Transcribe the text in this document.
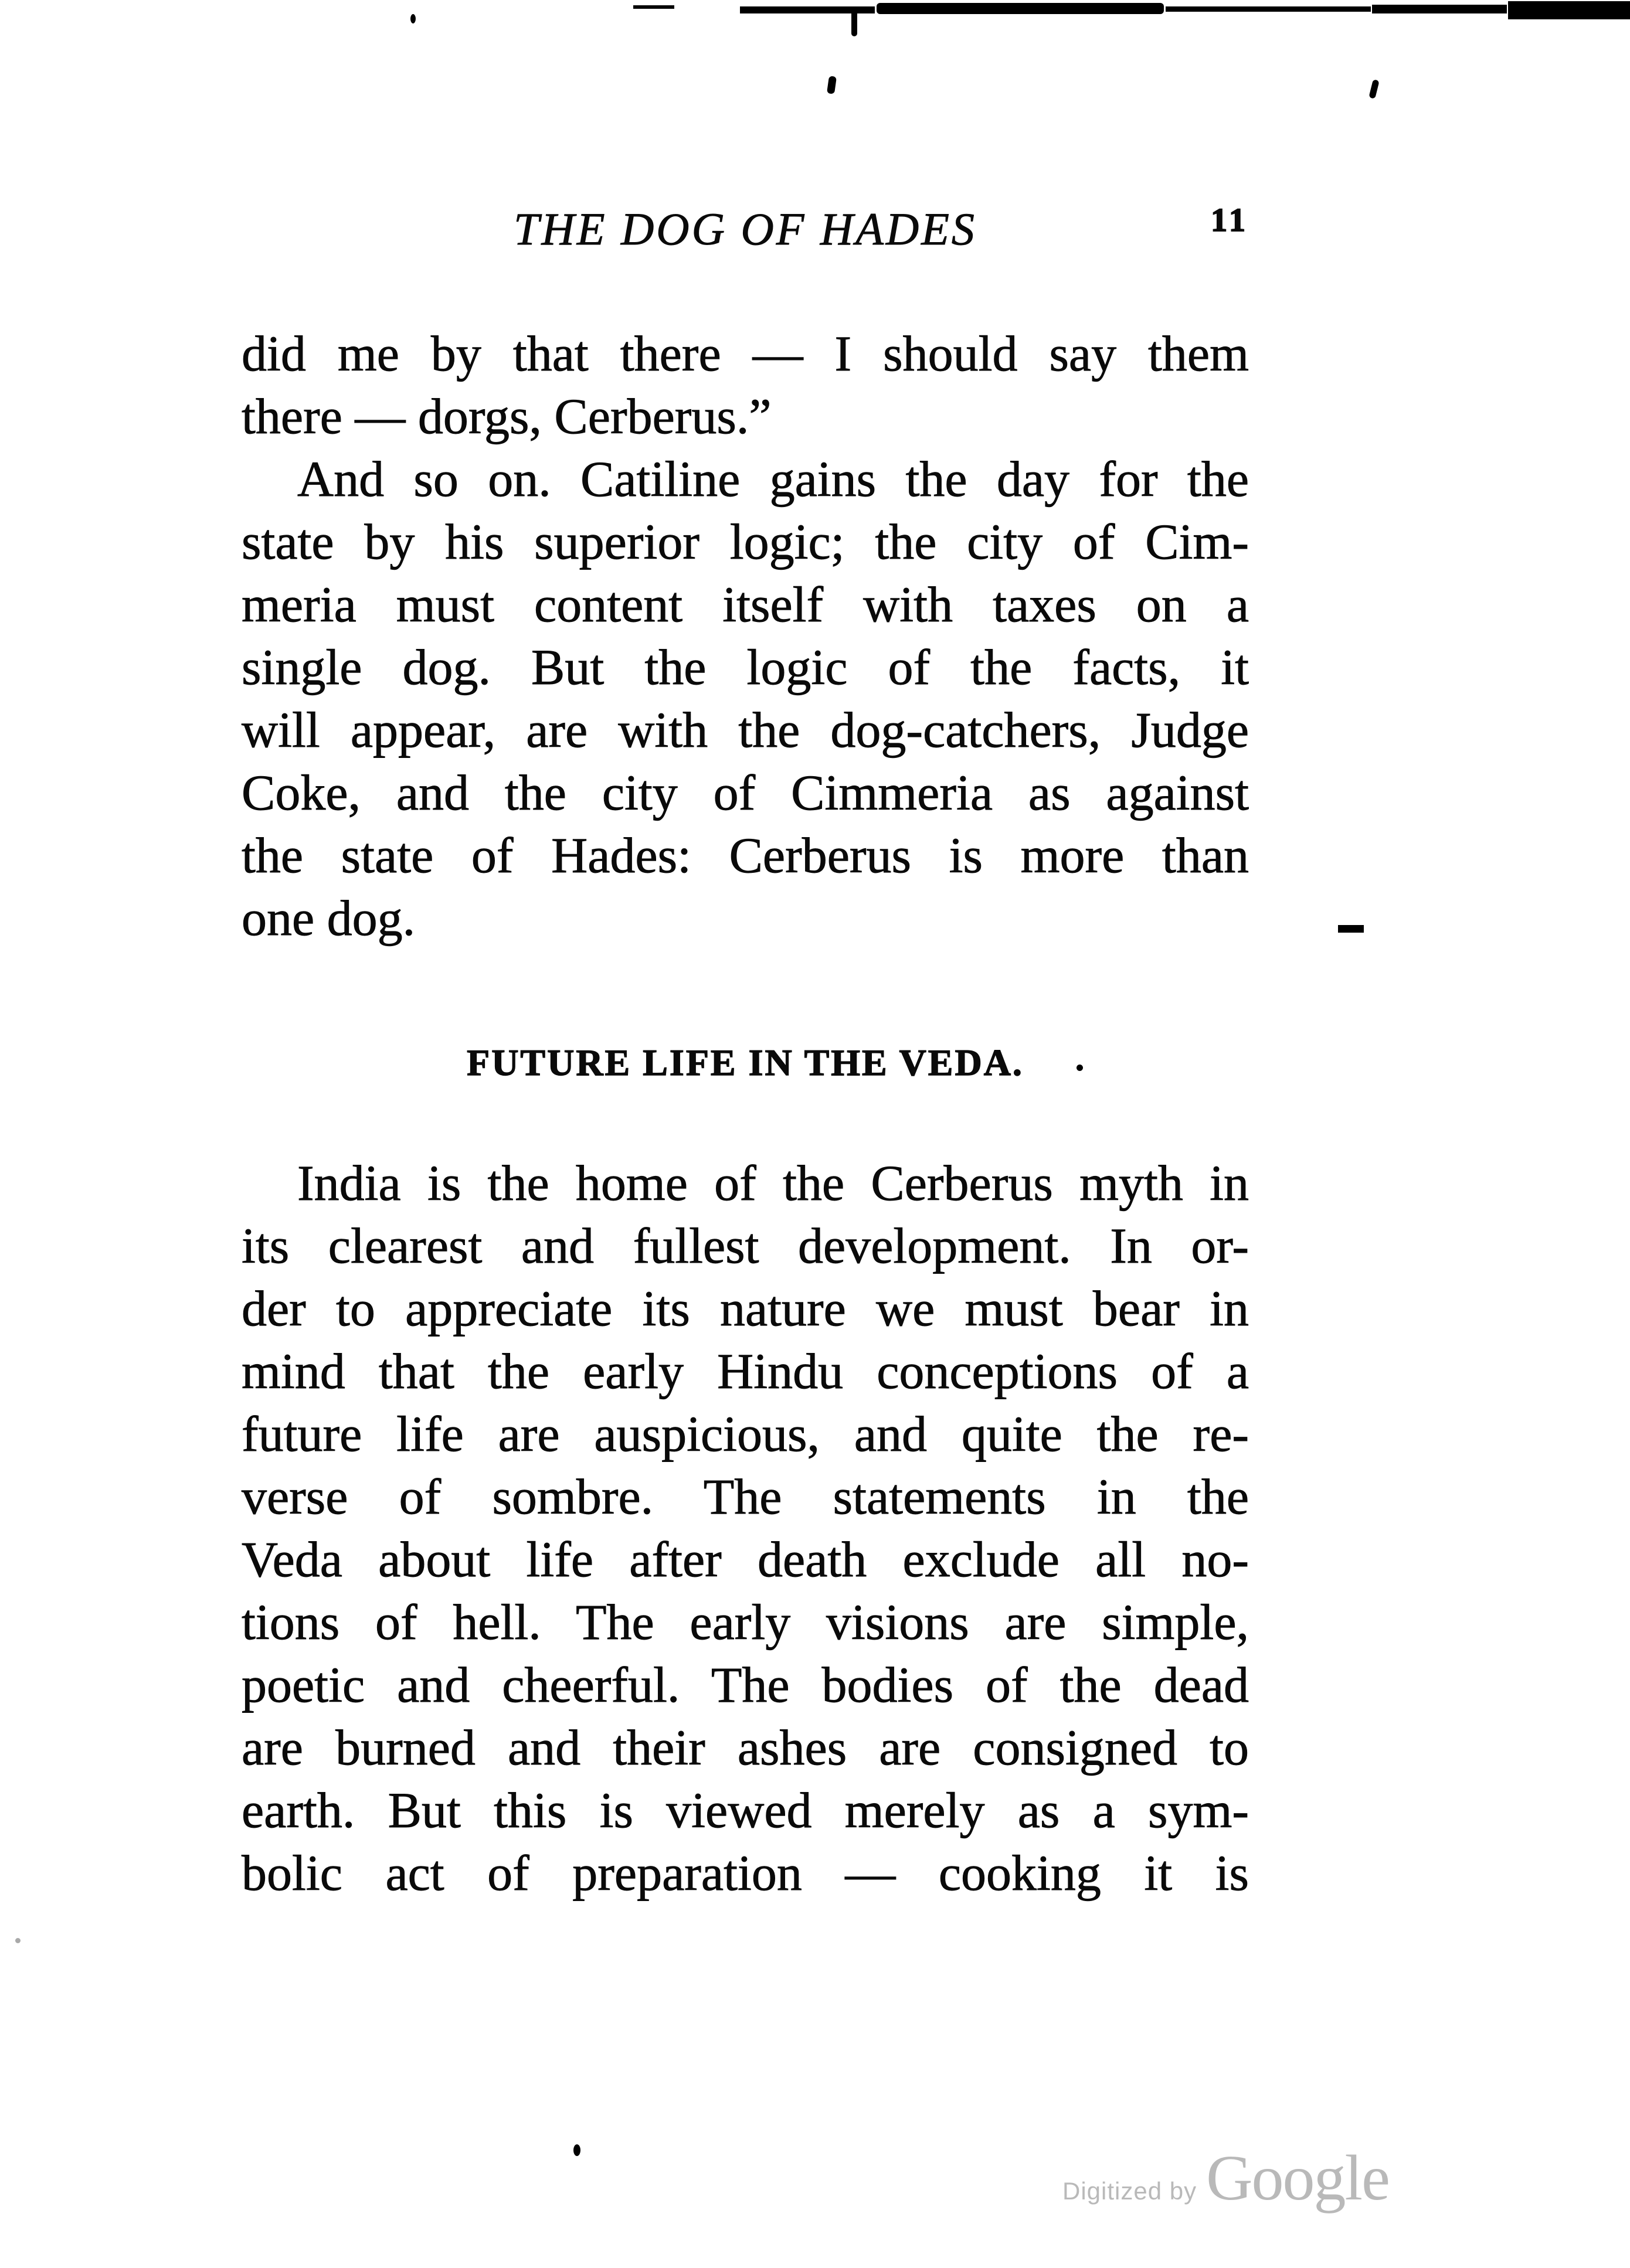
THE DOG OF HADES	11
did me by that there — I should say them
there — dorgs, Cerberus.”
And so on. Catiline gains the day for the
state by his superior logic; the city of Cim-
meria must content itself with taxes on a
single dog. But the logic of the facts, it
will appear, are with the dog-catchers, Judge
Coke, and the city of Cimmeria as against
the state of Hades: Cerberus is more than
one dog.
FUTURE LIFE IN THE VEDA.
India is the home of the Cerberus myth in
its clearest and fullest development. In or-
der to appreciate its nature we must bear in
mind that the early Hindu conceptions of a
future life are auspicious, and quite the re-
verse of sombre. The statements in the
Veda about life after death exclude all no-
tions of hell. The early visions are simple,
poetic and cheerful. The bodies of the dead
are burned and their ashes are consigned to
earth. But this is viewed merely as a sym-
bolic act of preparation — cooking it is
Digitized by Google
